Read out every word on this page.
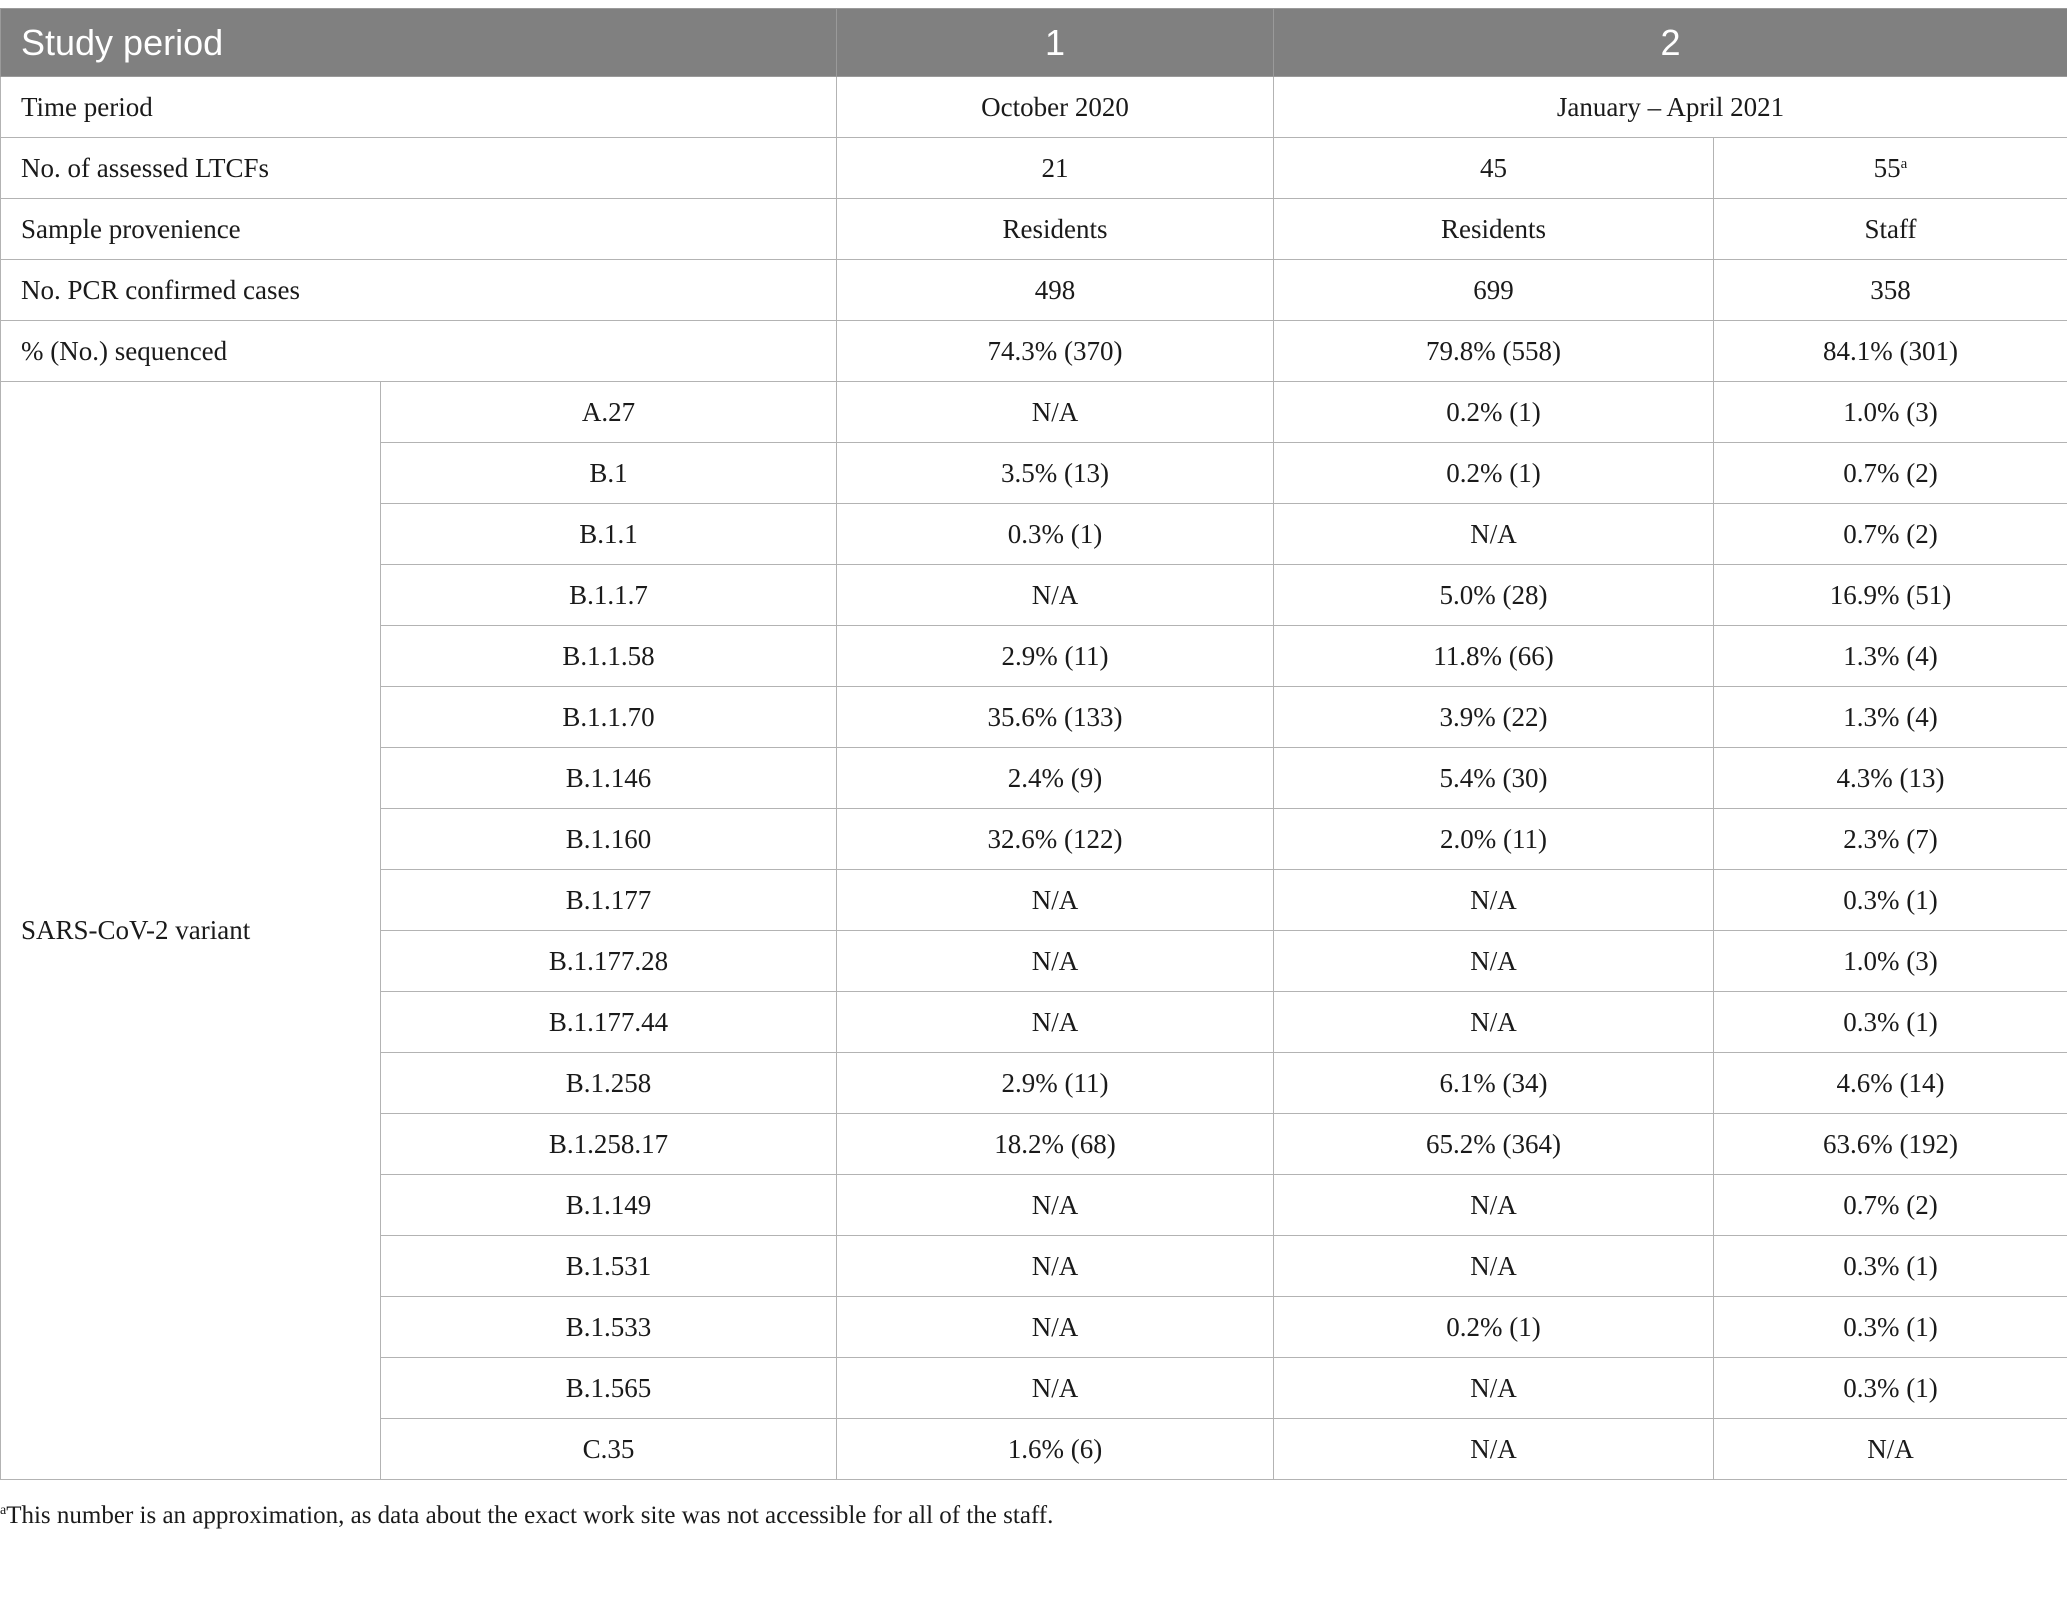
Study period		1	2	
Time period		October 2020	January – April 2021	
No. of assessed LTCFs		21	45	55$^a$
Sample provenience		Residents	Residents	Staff
No. PCR confirmed cases		498	699	358
% (No.) sequenced		74.3% (370)	79.8% (558)	84.1% (301)
SARS-CoV-2 variant	A.27	N/A	0.2% (1)	1.0% (3)
	B.1	3.5% (13)	0.2% (1)	0.7% (2)
	B.1.1	0.3% (1)	N/A	0.7% (2)
	B.1.1.7	N/A	5.0% (28)	16.9% (51)
	B.1.1.58	2.9% (11)	11.8% (66)	1.3% (4)
	B.1.1.70	35.6% (133)	3.9% (22)	1.3% (4)
	B.1.146	2.4% (9)	5.4% (30)	4.3% (13)
	B.1.160	32.6% (122)	2.0% (11)	2.3% (7)
	B.1.177	N/A	N/A	0.3% (1)
	B.1.177.28	N/A	N/A	1.0% (3)
	B.1.177.44	N/A	N/A	0.3% (1)
	B.1.258	2.9% (11)	6.1% (34)	4.6% (14)
	B.1.258.17	18.2% (68)	65.2% (364)	63.6% (192)
	B.1.149	N/A	N/A	0.7% (2)
	B.1.531	N/A	N/A	0.3% (1)
	B.1.533	N/A	0.2% (1)	0.3% (1)
	B.1.565	N/A	N/A	0.3% (1)
	C.35	1.6% (6)	N/A	N/A
$^a$This number is an approximation, as data about the exact work site was not accessible for all of the staff.
